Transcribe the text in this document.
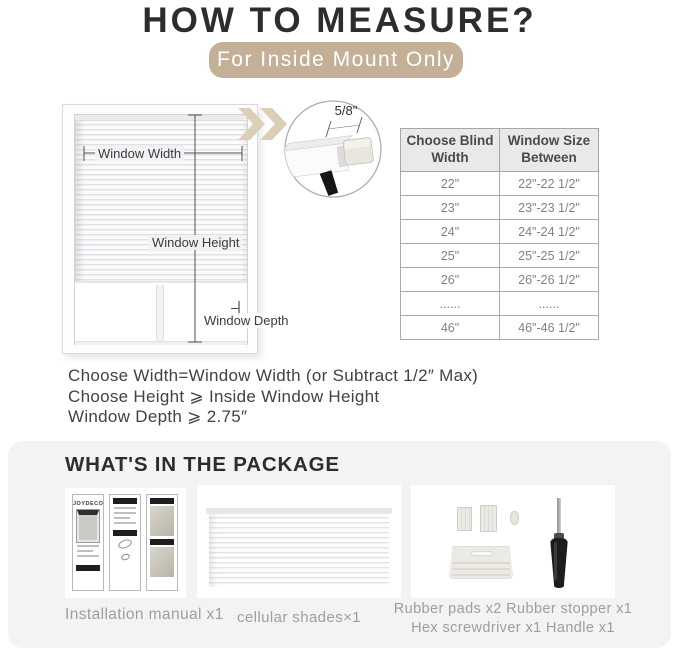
HOW TO MEASURE?
For Inside Mount Only
Window Width
Window Height
Window Depth
5/8"
Choose Blind Width	Window Size Between
22"	22"-22 1/2"
23"	23"-23 1/2"
24"	24"-24 1/2"
25"	25"-25 1/2"
26"	26"-26 1/2"
......	......
46"	46"-46 1/2"

Choose Width=Window Width (or Subtract 1/2″ Max)

Choose Height ⩾ Inside Window Height

Window Depth ⩾ 2.75″

WHAT'S IN THE PACKAGE
JOYDECO
Installation manual x1 cellular shades×1	Rubber pads x2 Rubber stopper x1
Hex screwdriver x1 Handle x1
